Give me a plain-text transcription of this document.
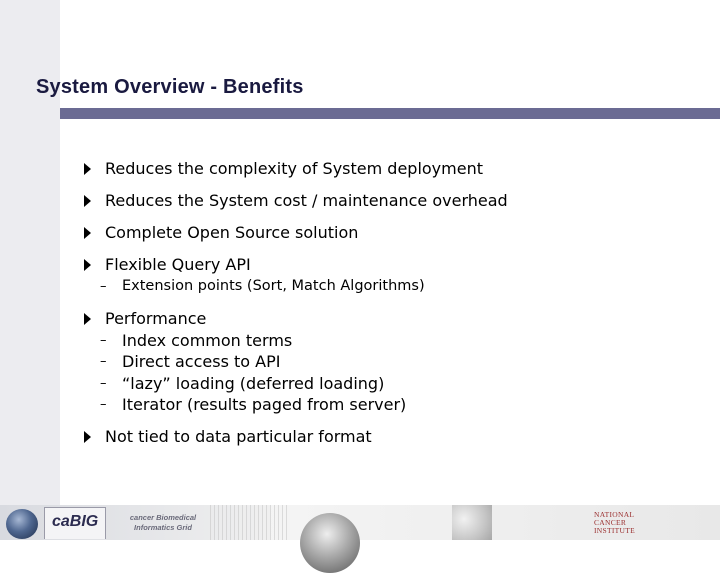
System Overview - Benefits
Reduces the complexity of System deployment
Reduces the System cost / maintenance overhead
Complete Open Source solution
Flexible Query API
– Extension points (Sort, Match Algorithms)
Performance
– Index common terms
– Direct access to API
– “lazy” loading (deferred loading)
– Iterator (results paged from server)
Not tied to data particular format
caBIG	cancer Biomedical
Informatics Grid
NATIONAL
CANCER
INSTITUTE
